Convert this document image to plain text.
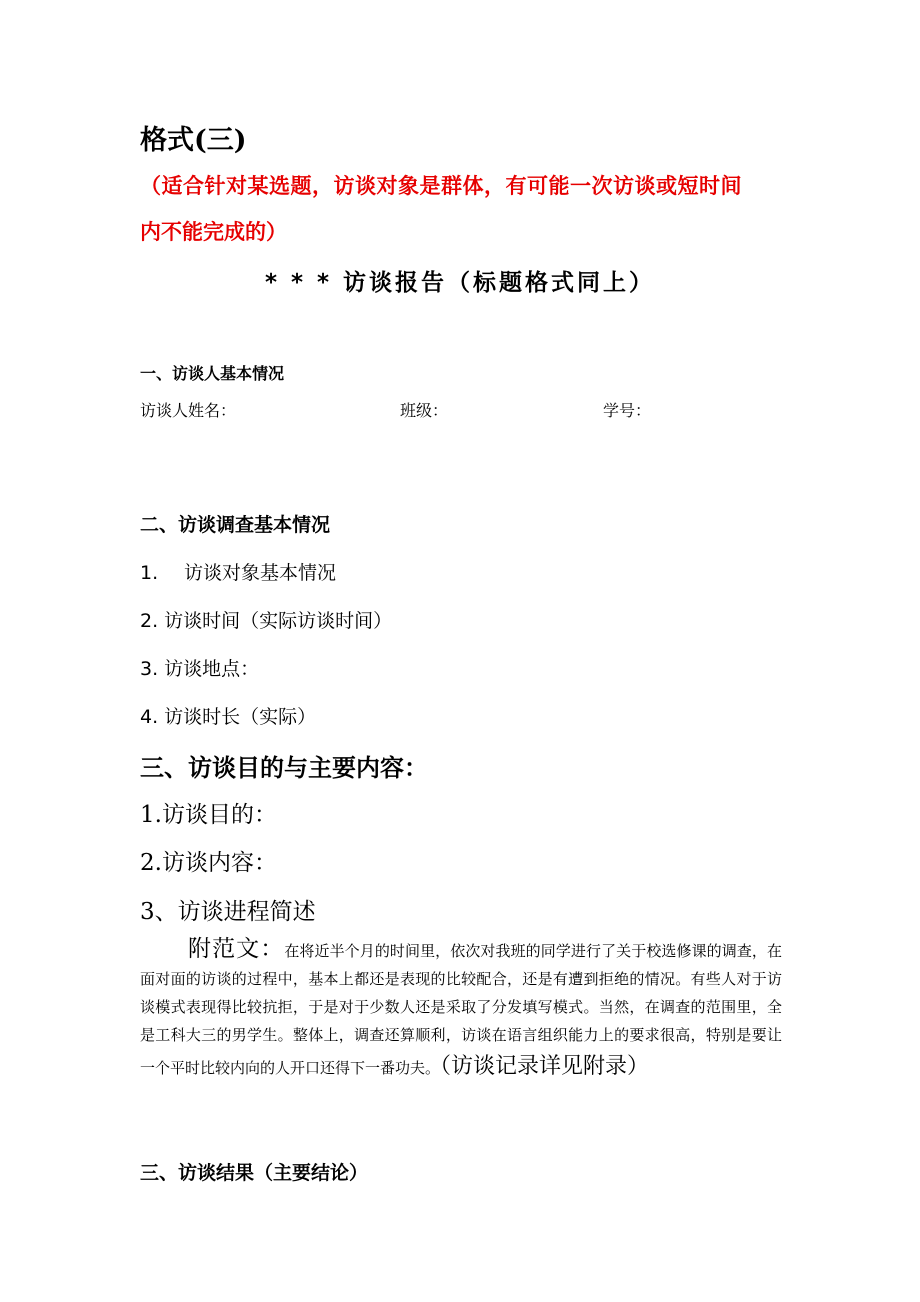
格式(三)
（适合针对某选题，访谈对象是群体，有可能一次访谈或短时间
内不能完成的）
* * * 访谈报告（标题格式同上）
一、访谈人基本情况
访谈人姓名：	班级：	学号：
二、访谈调查基本情况
1. 访谈对象基本情况
2. 访谈时间（实际访谈时间）
3. 访谈地点：
4. 访谈时长（实际）
三、访谈目的与主要内容：
1.访谈目的：
2.访谈内容：
3、访谈进程简述
附范文：在将近半个月的时间里，依次对我班的同学进行了关于校选修课的调查，在面对面的访谈的过程中，基本上都还是表现的比较配合，还是有遭到拒绝的情况。有些人对于访谈模式表现得比较抗拒，于是对于少数人还是采取了分发填写模式。当然，在调查的范围里，全是工科大三的男学生。整体上，调查还算顺利，访谈在语言组织能力上的要求很高，特别是要让一个平时比较内向的人开口还得下一番功夫。（访谈记录详见附录）
三、访谈结果（主要结论）
